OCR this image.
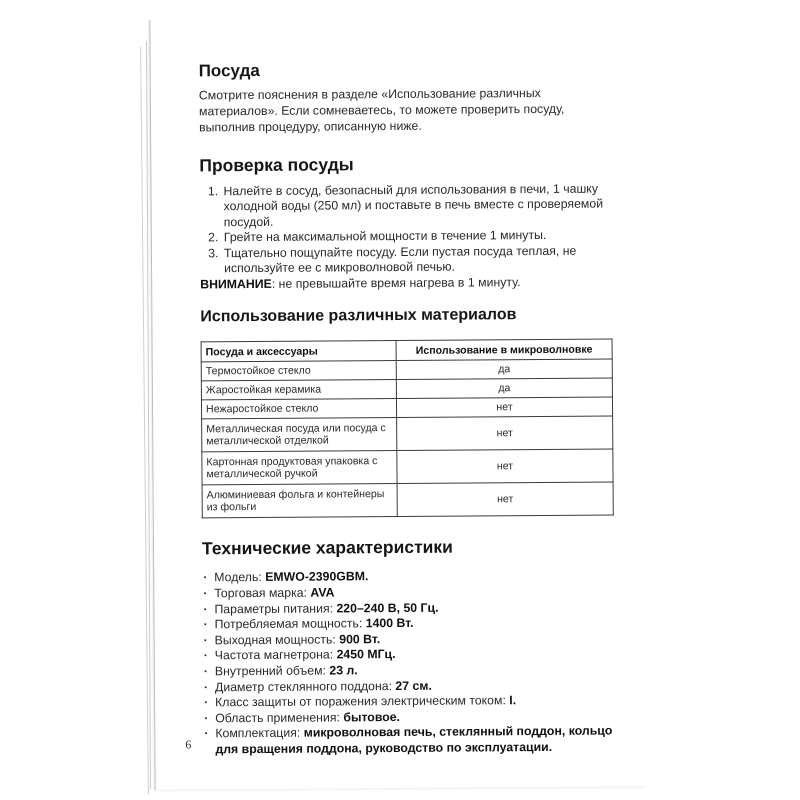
Посуда

Смотрите пояснения в разделе «Использование различных материалов». Если сомневаетесь, то можете проверить посуду, выполнив процедуру, описанную ниже.

Проверка посуды
1. Налейте в сосуд, безопасный для использования в печи, 1 чашку холодной воды (250 мл) и поставьте в печь вместе с проверяемой посудой.
2. Грейте на максимальной мощности в течение 1 минуты.
3. Тщательно пощупайте посуду. Если пустая посуда теплая, не используйте ее с микроволновой печью.
ВНИМАНИЕ: не превышайте время нагрева в 1 минуту.
Использование различных материалов
Посуда и аксессуары	Использование в микроволновке
Термостойкое стекло	да
Жаростойкая керамика	да
Нежаростойкое стекло	нет
Металлическая посуда или посуда с металлической отделкой	нет
Картонная продуктовая упаковка с металлической ручкой	нет
Алюминиевая фольга и контейнеры из фольги	нет
Технические характеристики
· Модель: EMWO-2390GBM.
· Торговая марка: AVA
· Параметры питания: 220–240 В, 50 Гц.
· Потребляемая мощность: 1400 Вт.
· Выходная мощность: 900 Вт.
· Частота магнетрона: 2450 МГц.
· Внутренний объем: 23 л.
· Диаметр стеклянного поддона: 27 см.
· Класс защиты от поражения электрическим током: I.
· Область применения: бытовое.
· Комплектация: микроволновая печь, стеклянный поддон, кольцо для вращения поддона, руководство по эксплуатации.
6
